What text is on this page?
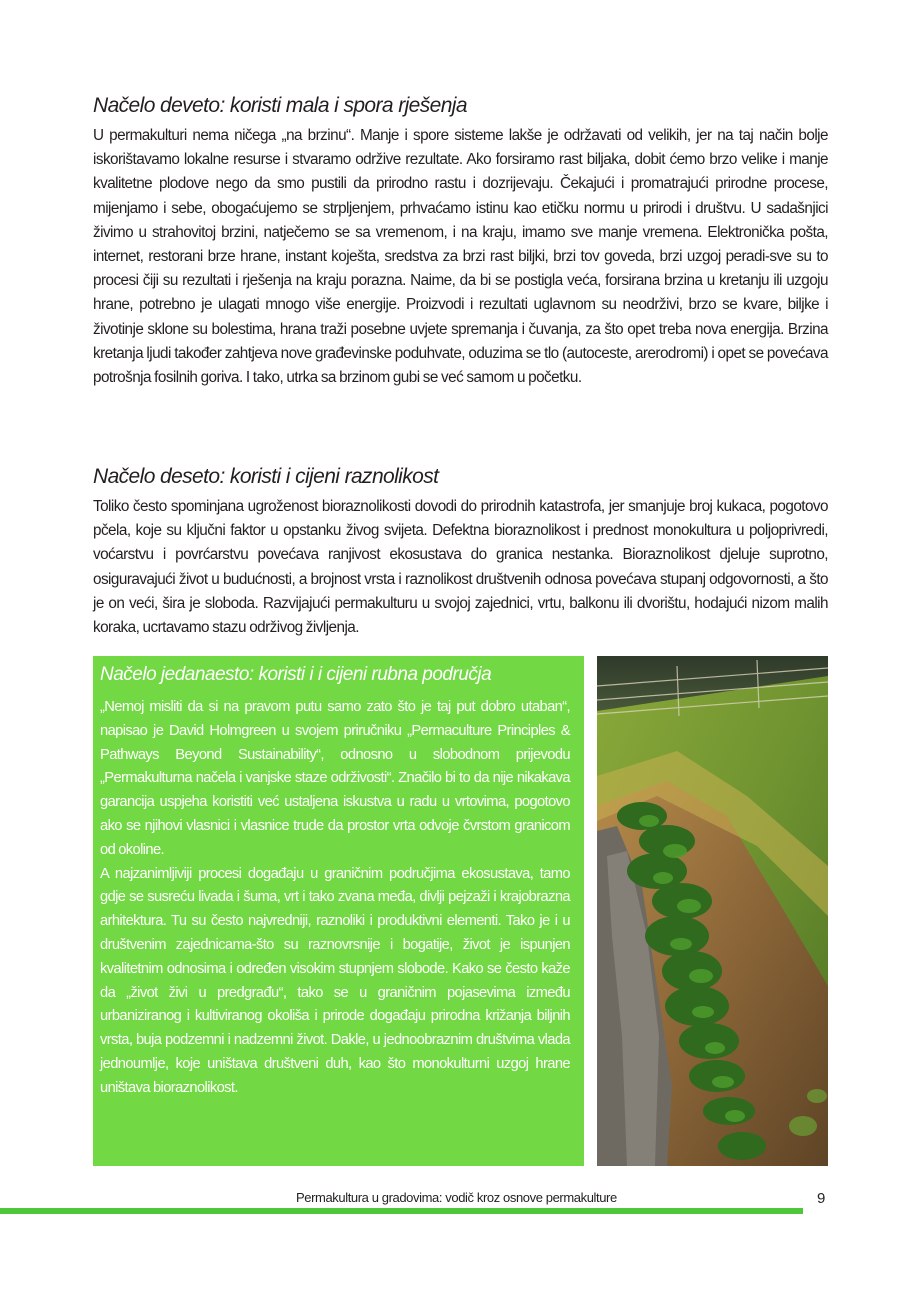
Načelo deveto: koristi mala i spora rješenja

U permakulturi nema ničega „na brzinu“. Manje i spore sisteme lakše je održavati od velikih, jer na taj način bolje iskorištavamo lokalne resurse i stvaramo održive rezultate. Ako forsiramo rast biljaka, dobit ćemo brzo velike i manje kvalitetne plodove nego da smo pustili da prirodno rastu i dozrijevaju. Čekajući i promatrajući prirodne procese, mijenjamo i sebe, obogaćujemo se strpljenjem, prhvaćamo istinu kao etičku normu u prirodi i društvu. U sadašnjici živimo u strahovitoj brzini, natječemo se sa vremenom, i na kraju, imamo sve manje vremena. Elektronička pošta, internet, restorani brze hrane, instant koješta, sredstva za brzi rast biljki, brzi tov goveda, brzi uzgoj peradi-sve su to procesi čiji su rezultati i rješenja na kraju porazna. Naime, da bi se postigla veća, forsirana brzina u kretanju ili uzgoju hrane, potrebno je ulagati mnogo više energije. Proizvodi i rezultati uglavnom su neodrživi, brzo se kvare, biljke i životinje sklone su bolestima, hrana traži posebne uvjete spremanja i čuvanja, za što opet treba nova energija. Brzina kretanja ljudi također zahtjeva nove građevinske poduhvate, oduzima se tlo (autoceste, arerodromi) i opet se povećava potrošnja fosilnih goriva. I tako, utrka sa brzinom gubi se već samom u početku.

Načelo deseto: koristi i cijeni raznolikost

Toliko često spominjana ugroženost bioraznolikosti dovodi do prirodnih katastrofa, jer smanjuje broj kukaca, pogotovo pčela, koje su ključni faktor u opstanku živog svijeta. Defektna bioraznolikost i prednost monokultura u poljoprivredi, voćarstvu i povrćarstvu povećava ranjivost ekosustava do granica nestanka. Bioraznolikost djeluje suprotno, osiguravajući život u budućnosti, a brojnost vrsta i raznolikost društvenih odnosa povećava stupanj odgovornosti, a što je on veći, šira je sloboda. Razvijajući permakulturu u svojoj zajednici, vrtu, balkonu ili dvorištu, hodajući nizom malih koraka, ucrtavamo stazu održivog življenja.

Načelo jedanaesto: koristi i i cijeni rubna područja

„Nemoj misliti da si na pravom putu samo zato što je taj put dobro utaban“, napisao je David Holmgreen u svojem priručniku „Permaculture Principles & Pathways Beyond Sustainability“, odnosno u slobodnom prijevodu „Permakulturna načela i vanjske staze održivosti“. Značilo bi to da nije nikakava garancija uspjeha koristiti već ustaljena iskustva u radu u vrtovima, pogotovo ako se njihovi vlasnici i vlasnice trude da prostor vrta odvoje čvrstom granicom od okoline.

A najzanimljiviji procesi događaju u graničnim područjima ekosustava, tamo gdje se susreću livada i šuma, vrt i tako zvana međa, divlji pejzaži i krajobrazna arhitektura. Tu su često najvredniji, raznoliki i produktivni elementi. Tako je i u društvenim zajednicama-što su raznovrsnije i bogatije, život je ispunjen kvalitetnim odnosima i određen visokim stupnjem slobode. Kako se često kaže da „život živi u predgrađu“, tako se u graničnim pojasevima između urbaniziranog i kultiviranog okoliša i prirode događaju prirodna križanja biljnih vrsta, buja podzemni i nadzemni život. Dakle, u jednoobraznim društvima vlada jednoumlje, koje uništava društveni duh, kao što monokulturni uzgoj hrane uništava bioraznolikost.

Permakultura u gradovima: vodič kroz osnove permakulture	9
